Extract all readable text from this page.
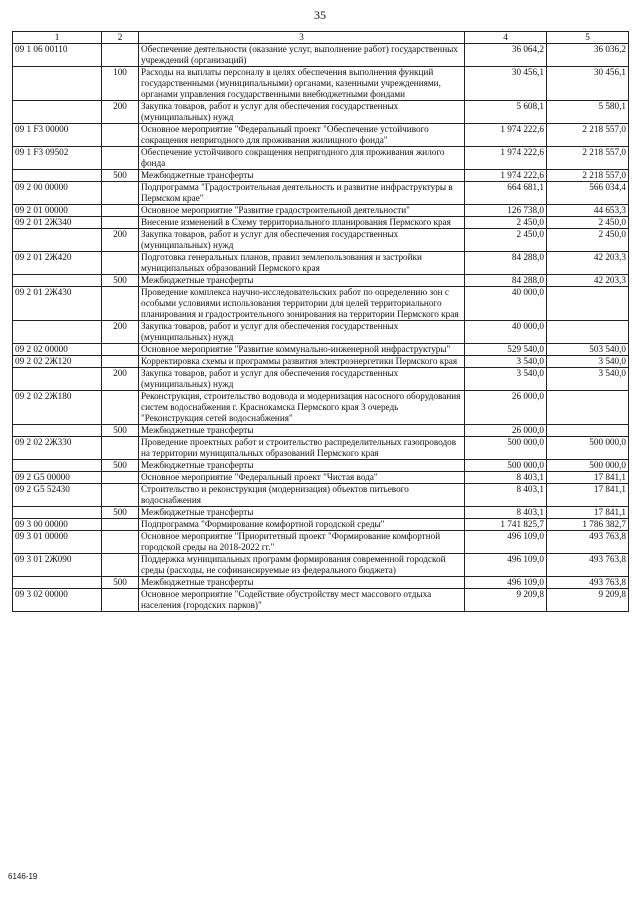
35
1	2	3	4	5
09 1 06 00110		Обеспечение деятельности (оказание услуг, выполнение работ) государственных учреждений (организаций)	36 064,2	36 036,2
	100	Расходы на выплаты персоналу в целях обеспечения выполнения функций государственными (муниципальными) органами, казенными учреждениями, органами управления государственными внебюджетными фондами	30 456,1	30 456,1
	200	Закупка товаров, работ и услуг для обеспечения государственных (муниципальных) нужд	5 608,1	5 580,1
09 1 F3 00000		Основное мероприятие "Федеральный проект "Обеспечение устойчивого сокращения непригодного для проживания жилищного фонда"	1 974 222,6	2 218 557,0
09 1 F3 09502		Обеспечение устойчивого сокращения непригодного для проживания жилого фонда	1 974 222,6	2 218 557,0
	500	Межбюджетные трансферты	1 974 222,6	2 218 557,0
09 2 00 00000		Подпрограмма "Градостроительная деятельность и развитие инфраструктуры в Пермском крае"	664 681,1	566 034,4
09 2 01 00000		Основное мероприятие "Развитие градостроительной деятельности"	126 738,0	44 653,3
09 2 01 2Ж340		Внесение изменений в Схему территориального планирования Пермского края	2 450,0	2 450,0
	200	Закупка товаров, работ и услуг для обеспечения государственных (муниципальных) нужд	2 450,0	2 450,0
09 2 01 2Ж420		Подготовка генеральных планов, правил землепользования и застройки муниципальных образований Пермского края	84 288,0	42 203,3
	500	Межбюджетные трансферты	84 288,0	42 203,3
09 2 01 2Ж430		Проведение комплекса научно-исследовательских работ по определению зон с особыми условиями использования территории для целей территориального планирования и градостроительного зонирования на территории Пермского края	40 000,0	
	200	Закупка товаров, работ и услуг для обеспечения государственных (муниципальных) нужд	40 000,0	
09 2 02 00000		Основное мероприятие "Развитие коммунально-инженерной инфраструктуры"	529 540,0	503 540,0
09 2 02 2Ж120		Корректировка схемы и программы развития электроэнергетики Пермского края	3 540,0	3 540,0
	200	Закупка товаров, работ и услуг для обеспечения государственных (муниципальных) нужд	3 540,0	3 540,0
09 2 02 2Ж180		Реконструкция, строительство водовода и модернизация насосного оборудования систем водоснабжения г. Краснокамска Пермского края 3 очередь "Реконструкция сетей водоснабжения"	26 000,0	
	500	Межбюджетные трансферты	26 000,0	
09 2 02 2Ж330		Проведение проектных работ и строительство распределительных газопроводов на территории муниципальных образований Пермского края	500 000,0	500 000,0
	500	Межбюджетные трансферты	500 000,0	500 000,0
09 2 G5 00000		Основное мероприятие "Федеральный проект "Чистая вода"	8 403,1	17 841,1
09 2 G5 52430		Строительство и реконструкция (модернизация) объектов питьевого водоснабжения	8 403,1	17 841,1
	500	Межбюджетные трансферты	8 403,1	17 841,1
09 3 00 00000		Подпрограмма "Формирование комфортной городской среды"	1 741 825,7	1 786 382,7
09 3 01 00000		Основное мероприятие "Приоритетный проект "Формирование комфортной городской среды на 2018-2022 гг."	496 109,0	493 763,8
09 3 01 2Ж090		Поддержка муниципальных программ формирования современной городской среды (расходы, не софинансируемые из федерального бюджета)	496 109,0	493 763,8
	500	Межбюджетные трансферты	496 109,0	493 763,8
09 3 02 00000		Основное мероприятие "Содействие обустройству мест массового отдыха населения (городских парков)"	9 209,8	9 209,8
6146-19
